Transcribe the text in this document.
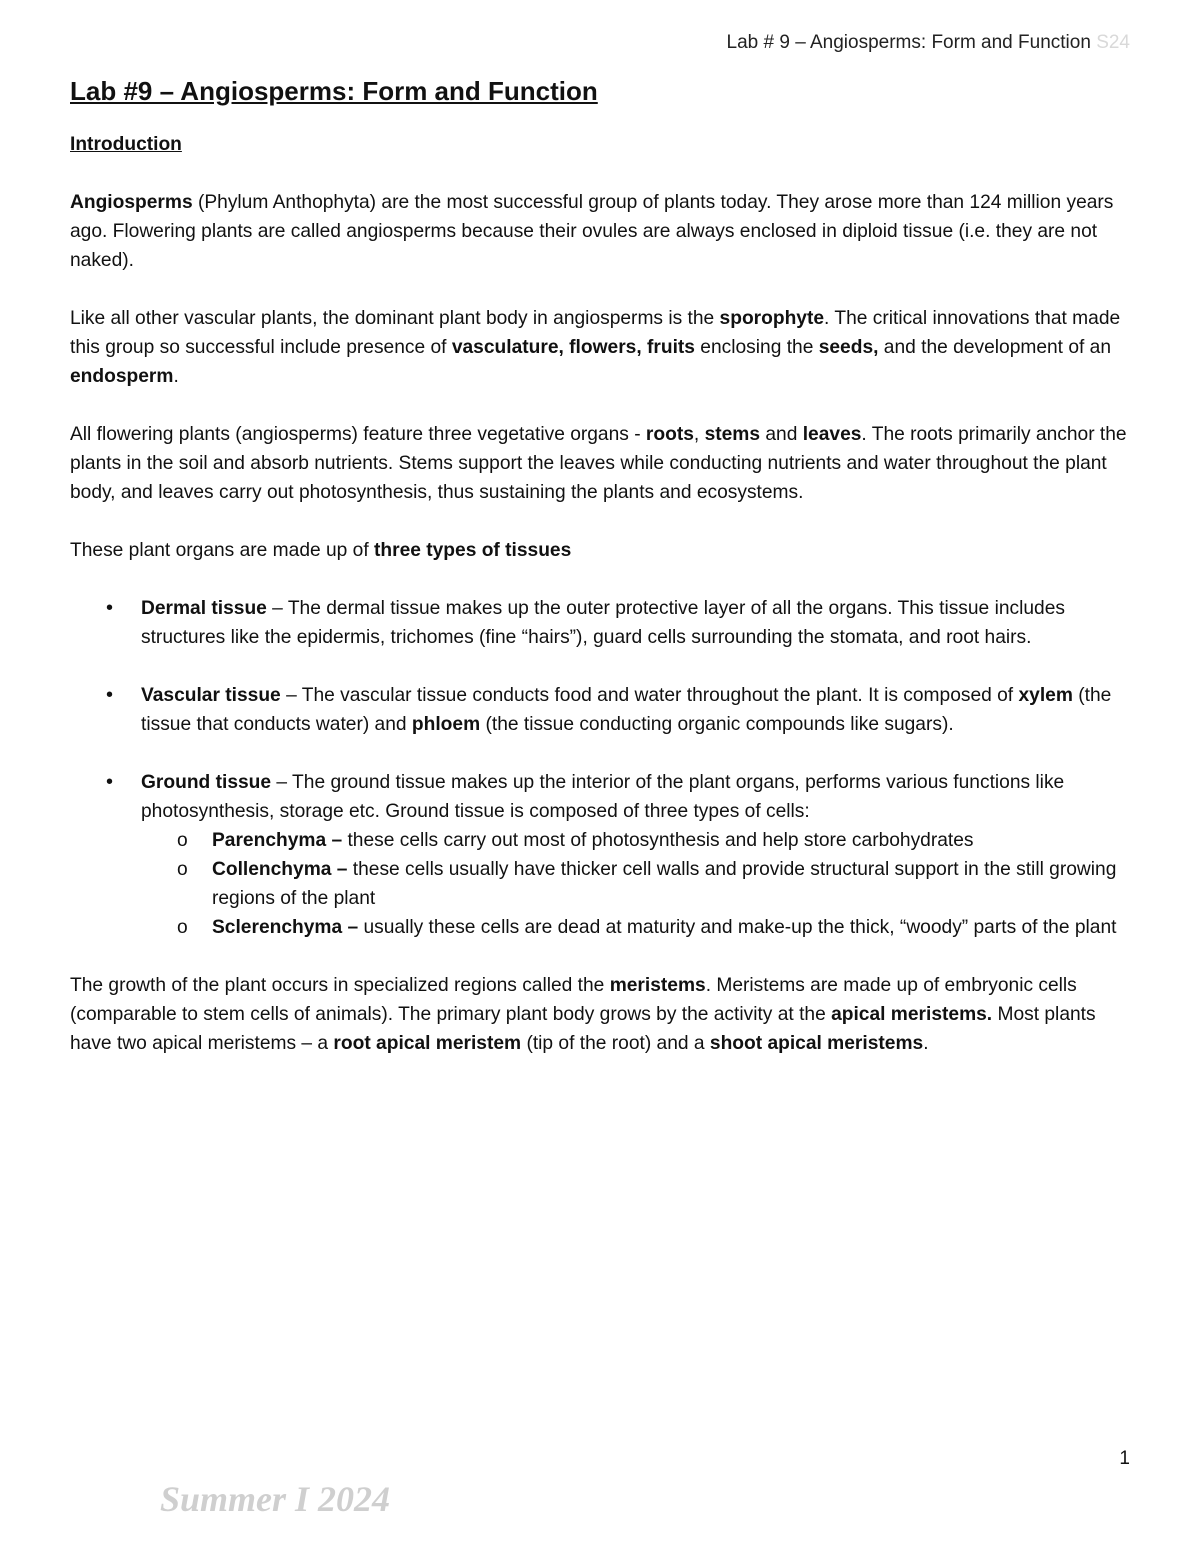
Lab # 9 – Angiosperms: Form and Function S24
Lab #9 – Angiosperms: Form and Function
Introduction

Angiosperms (Phylum Anthophyta) are the most successful group of plants today. They arose more than 124 million years ago. Flowering plants are called angiosperms because their ovules are always enclosed in diploid tissue (i.e. they are not naked).

Like all other vascular plants, the dominant plant body in angiosperms is the sporophyte. The critical innovations that made this group so successful include presence of vasculature, flowers, fruits enclosing the seeds, and the development of an endosperm.

All flowering plants (angiosperms) feature three vegetative organs - roots, stems and leaves. The roots primarily anchor the plants in the soil and absorb nutrients. Stems support the leaves while conducting nutrients and water throughout the plant body, and leaves carry out photosynthesis, thus sustaining the plants and ecosystems.

These plant organs are made up of three types of tissues

• Dermal tissue – The dermal tissue makes up the outer protective layer of all the organs. This tissue includes structures like the epidermis, trichomes (fine “hairs”), guard cells surrounding the stomata, and root hairs.
• Vascular tissue – The vascular tissue conducts food and water throughout the plant. It is composed of xylem (the tissue that conducts water) and phloem (the tissue conducting organic compounds like sugars).
• Ground tissue – The ground tissue makes up the interior of the plant organs, performs various functions like photosynthesis, storage etc. Ground tissue is composed of three types of cells:
o Parenchyma – these cells carry out most of photosynthesis and help store carbohydrates
o Collenchyma – these cells usually have thicker cell walls and provide structural support in the still growing regions of the plant
o Sclerenchyma – usually these cells are dead at maturity and make-up the thick, “woody” parts of the plant

The growth of the plant occurs in specialized regions called the meristems. Meristems are made up of embryonic cells (comparable to stem cells of animals). The primary plant body grows by the activity at the apical meristems. Most plants have two apical meristems – a root apical meristem (tip of the root) and a shoot apical meristems.

1
Summer I 2024
